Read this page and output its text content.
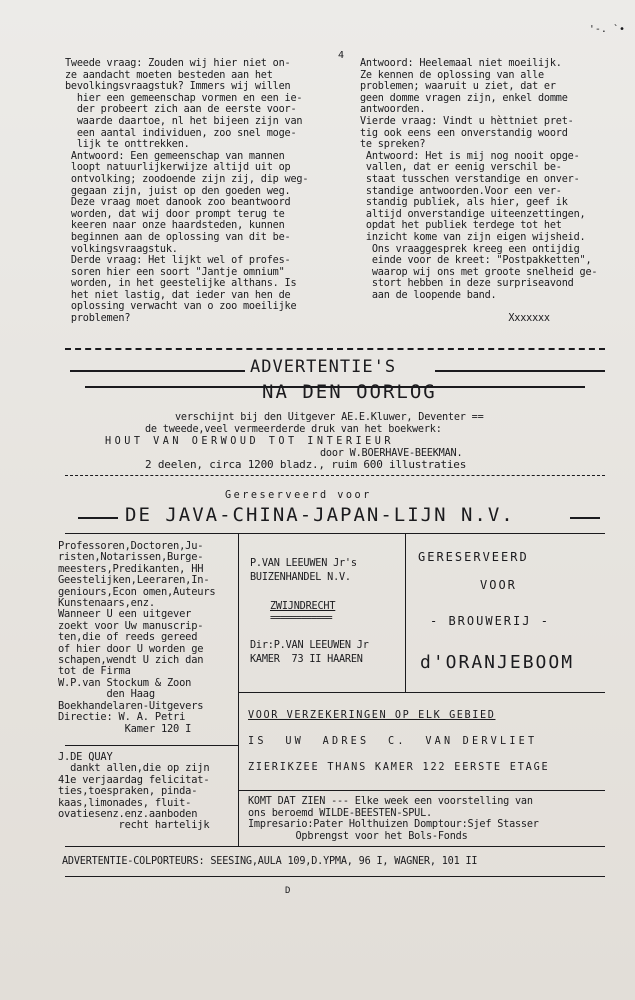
'-. `•
4
Tweede vraag: Zouden wij hier niet on-
ze aandacht moeten besteden aan het
bevolkingsvraagstuk? Immers wij willen
hier een gemeenschap vormen en een ie-
der probeert zich aan de eerste voor-
waarde daartoe, nl het bijeen zijn van
een aantal individuen, zoo snel moge-
lijk te onttrekken.
Antwoord: Een gemeenschap van mannen
loopt natuurlijkerwijze altijd uit op
ontvolking; zoodoende zijn zij, dip weg-
gegaan zijn, juist op den goeden weg.
Deze vraag moet danook zoo beantwoord
worden, dat wij door prompt terug te
keeren naar onze haardsteden, kunnen
beginnen aan de oplossing van dit be-
volkingsvraagstuk.
Derde vraag: Het lijkt wel of profes-
soren hier een soort "Jantje omnium"
worden, in het geestelijke althans. Is
het niet lastig, dat ieder van hen de
oplossing verwacht van o zoo moeilijke
problemen?
Antwoord: Heelemaal niet moeilijk.
Ze kennen de oplossing van alle
problemen; waaruit u ziet, dat er
geen domme vragen zijn, enkel domme
antwoorden.
Vierde vraag: Vindt u hèttniet pret-
tig ook eens een onverstandig woord
te spreken?
Antwoord: Het is mij nog nooit opge-
vallen, dat er eenig verschil be-
staat tusschen verstandige en onver-
standige antwoorden.Voor een ver-
standig publiek, als hier, geef ik
altijd onverstandige uiteenzettingen,
opdat het publiek terdege tot het
inzicht kome van zijn eigen wijsheid.
Ons vraaggesprek kreeg een ontijdig
einde voor de kreet: "Postpakketten",
waarop wij ons met groote snelheid ge-
stort hebben in deze surpriseavond
aan de loopende band.

Xxxxxxx
ADVERTENTIE'S
NA DEN OORLOG
verschijnt bij den Uitgever AE.E.Kluwer, Deventer ==
de tweede,veel vermeerderde druk van het boekwerk:
HOUT VAN OERWOUD TOT INTERIEUR
door W.BOERHAVE-BEEKMAN.
2 deelen, circa 1200 bladz., ruim 600 illustraties
Gereserveerd voor
DE JAVA-CHINA-JAPAN-LIJN N.V.
Professoren,Doctoren,Ju-
risten,Notarissen,Burge-
meesters,Predikanten, HH
Geestelijken,Leeraren,In-
geniours,Econ omen,Auteurs
Kunstenaars,enz.
Wanneer U een uitgever
zoekt voor Uw manuscrip-
ten,die of reeds gereed
of hier door U worden ge
schapen,wendt U zich dan
tot de Firma
W.P.van Stockum & Zoon
den Haag
Boekhandelaren-Uitgevers
Directie: W. A. Petri
Kamer 120 I
P.VAN LEEUWEN Jr's
BUIZENHANDEL N.V.
ZWIJNDRECHT
============
Dir:P.VAN LEEUWEN Jr
KAMER  73 II HAAREN
GERESERVEERD
VOOR
- BROUWERIJ -
d'ORANJEBOOM
VOOR VERZEKERINGEN OP ELK GEBIED
IS  UW  ADRES  C.  VAN DERVLIET
ZIERIKZEE THANS KAMER 122 EERSTE ETAGE
J.DE QUAY
dankt allen,die op zijn
41e verjaardag felicitat-
ties,toespraken, pinda-
kaas,limonades, fluit-
ovatiesenz.enz.aanboden
recht hartelijk
KOMT DAT ZIEN --- Elke week een voorstelling van
ons beroemd WILDE-BEESTEN-SPUL.
Impresario:Pater Holthuizen Domptour:Sjef Stasser
Opbrengst voor het Bols-Fonds
ADVERTENTIE-COLPORTEURS: SEESING,AULA 109,D.YPMA, 96 I, WAGNER, 101 II
D
